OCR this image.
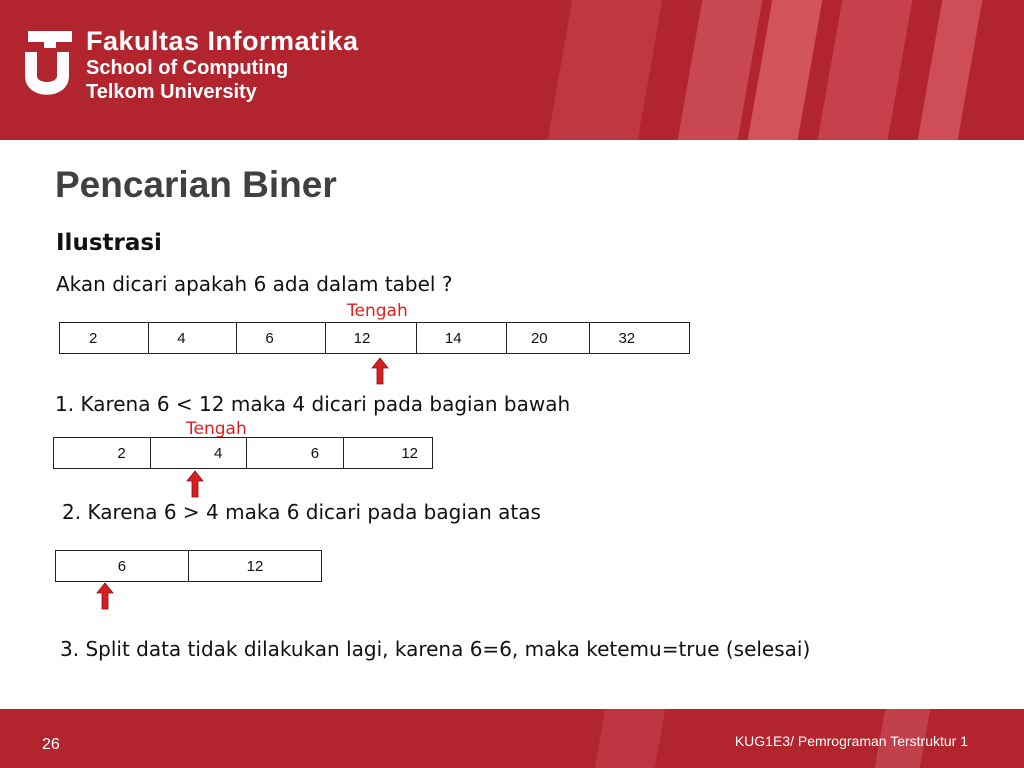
Fakultas Informatika
School of Computing
Telkom University
Pencarian Biner
Ilustrasi
Akan dicari apakah 6 ada dalam tabel ?
Tengah
2	4	6	12	14	20	32
1. Karena 6 < 12 maka 4 dicari pada bagian bawah
Tengah
2	4	6	12
2. Karena 6 > 4 maka 6 dicari pada bagian atas
6	12
3. Split data tidak dilakukan lagi, karena 6=6, maka ketemu=true (selesai)
26	KUG1E3/ Pemrograman Terstruktur 1
